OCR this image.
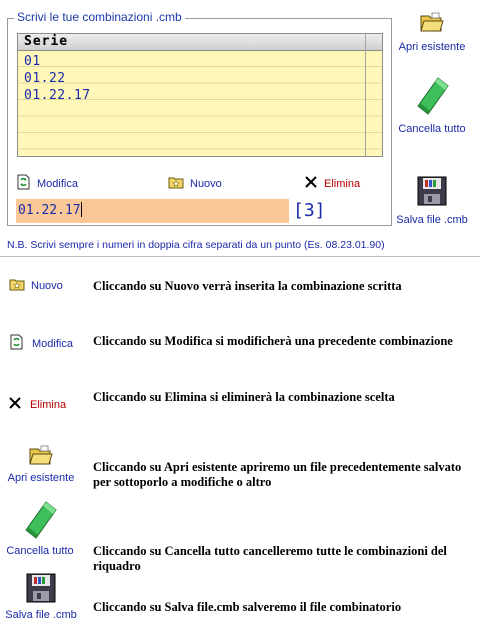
Scrivi le tue combinazioni .cmb
Serie
01
01.22
01.22.17
Modifica	Nuovo	Elimina
01.22.17	[3]
Apri esistente
Cancella tutto
Salva file .cmb
N.B. Scrivi sempre i numeri in doppia cifra separati da un punto (Es. 08.23.01.90)
Nuovo Cliccando su Nuovo verrà inserita la combinazione scritta
Modifica Cliccando su Modifica si modificherà una precedente combinazione
Elimina
Cliccando su Elimina si eliminerà la combinazione scelta
Apri esistente
Cliccando su Apri esistente apriremo un file precedentemente salvato per sottoporlo a modifiche o altro
Cancella tutto Cliccando su Cancella tutto cancelleremo tutte le combinazioni del riquadro
Salva file .cmb
Cliccando su Salva file.cmb salveremo il file combinatorio
